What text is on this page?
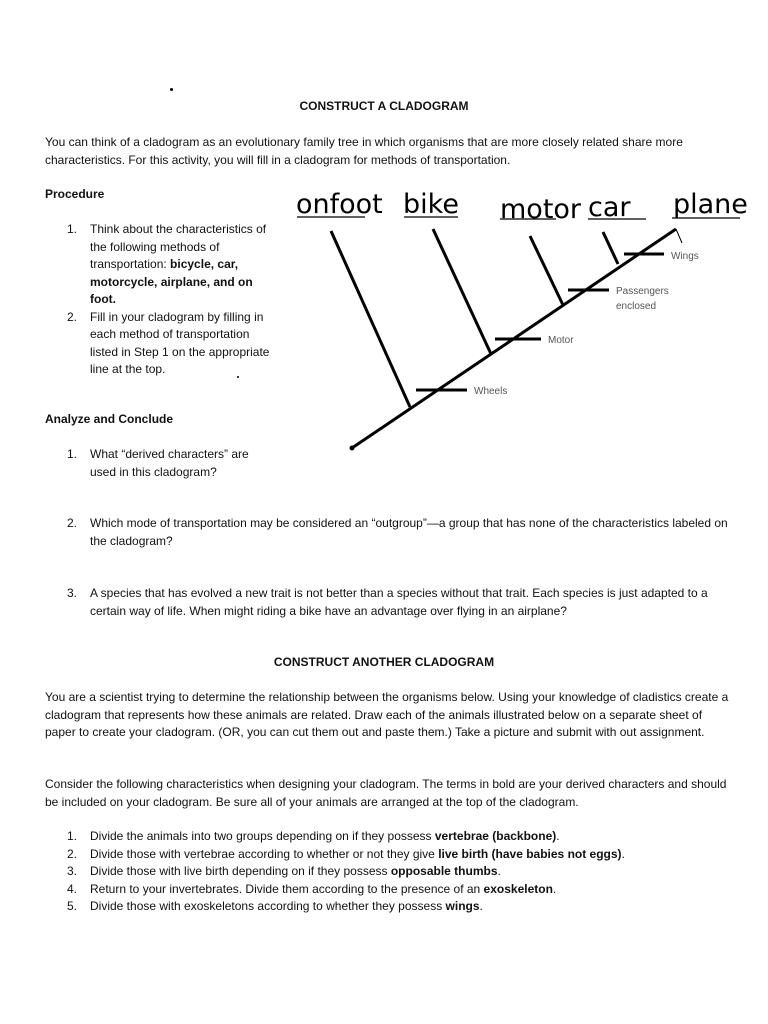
CONSTRUCT A CLADOGRAM
You can think of a cladogram as an evolutionary family tree in which organisms that are more closely related share more characteristics. For this activity, you will fill in a cladogram for methods of transportation.
Procedure
1. Think about the characteristics of the following methods of transportation: bicycle, car, motorcycle, airplane, and on foot.
2. Fill in your cladogram by filling in each method of transportation listed in Step 1 on the appropriate line at the top.
Analyze and Conclude
1. What “derived characters” are used in this cladogram?
2. Which mode of transportation may be considered an “outgroup”—a group that has none of the characteristics labeled on the cladogram?
3. A species that has evolved a new trait is not better than a species without that trait. Each species is just adapted to a certain way of life. When might riding a bike have an advantage over flying in an airplane?
onfoot bike motor car plane
Wheels
Motor
Passengers enclosed
Wings
CONSTRUCT ANOTHER CLADOGRAM
You are a scientist trying to determine the relationship between the organisms below. Using your knowledge of cladistics create a cladogram that represents how these animals are related. Draw each of the animals illustrated below on a separate sheet of paper to create your cladogram. (OR, you can cut them out and paste them.) Take a picture and submit with out assignment.
Consider the following characteristics when designing your cladogram. The terms in bold are your derived characters and should be included on your cladogram. Be sure all of your animals are arranged at the top of the cladogram.
1. Divide the animals into two groups depending on if they possess vertebrae (backbone).
2. Divide those with vertebrae according to whether or not they give live birth (have babies not eggs).
3. Divide those with live birth depending on if they possess opposable thumbs.
4. Return to your invertebrates. Divide them according to the presence of an exoskeleton.
5. Divide those with exoskeletons according to whether they possess wings.
